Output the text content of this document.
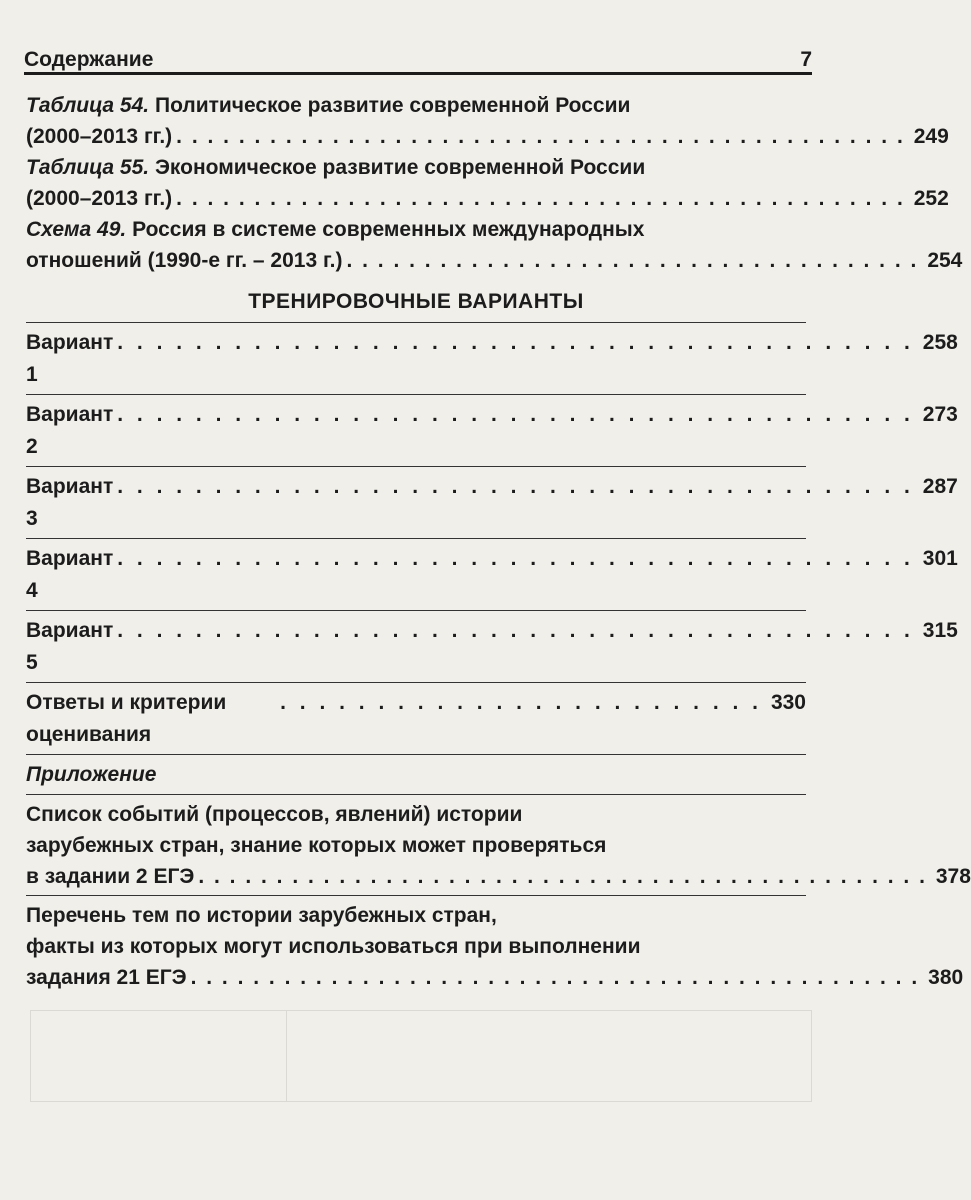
Содержание	7
Таблица 54. Политическое развитие современной России
(2000–2013 гг.) . . . . . . . . . . . . . . . . . . . . . . . . . . . . . . . . . . . . . . . . . . . . . . . 249
Таблица 55. Экономическое развитие современной России
(2000–2013 гг.) . . . . . . . . . . . . . . . . . . . . . . . . . . . . . . . . . . . . . . . . . . . . . . . 252
Схема 49. Россия в системе современных международных
отношений (1990-е гг. – 2013 г.) . . . . . . . . . . . . . . . . . . . . . . . . . . . . . . . . . . . . . 254
ТРЕНИРОВОЧНЫЕ ВАРИАНТЫ
Вариант 1
. . . . . . . . . . . . . . . . . . . . . . . . . . . . . . . . . . . . . . . . . 258
Вариант 2
. . . . . . . . . . . . . . . . . . . . . . . . . . . . . . . . . . . . . . . . . 273
Вариант 3
. . . . . . . . . . . . . . . . . . . . . . . . . . . . . . . . . . . . . . . . . 287
Вариант 4
. . . . . . . . . . . . . . . . . . . . . . . . . . . . . . . . . . . . . . . . . 301
Вариант 5
. . . . . . . . . . . . . . . . . . . . . . . . . . . . . . . . . . . . . . . . . 315
Ответы и критерии оценивания
. . . . . . . . . . . . . . . . . . . . . . . . . 330
Приложение
Список событий (процессов, явлений) истории
зарубежных стран, знание которых может проверяться
в задании 2 ЕГЭ . . . . . . . . . . . . . . . . . . . . . . . . . . . . . . . . . . . . . . . . . . . . . . . 378
Перечень тем по истории зарубежных стран,
факты из которых могут использоваться при выполнении
задания 21 ЕГЭ . . . . . . . . . . . . . . . . . . . . . . . . . . . . . . . . . . . . . . . . . . . . . . . 380
